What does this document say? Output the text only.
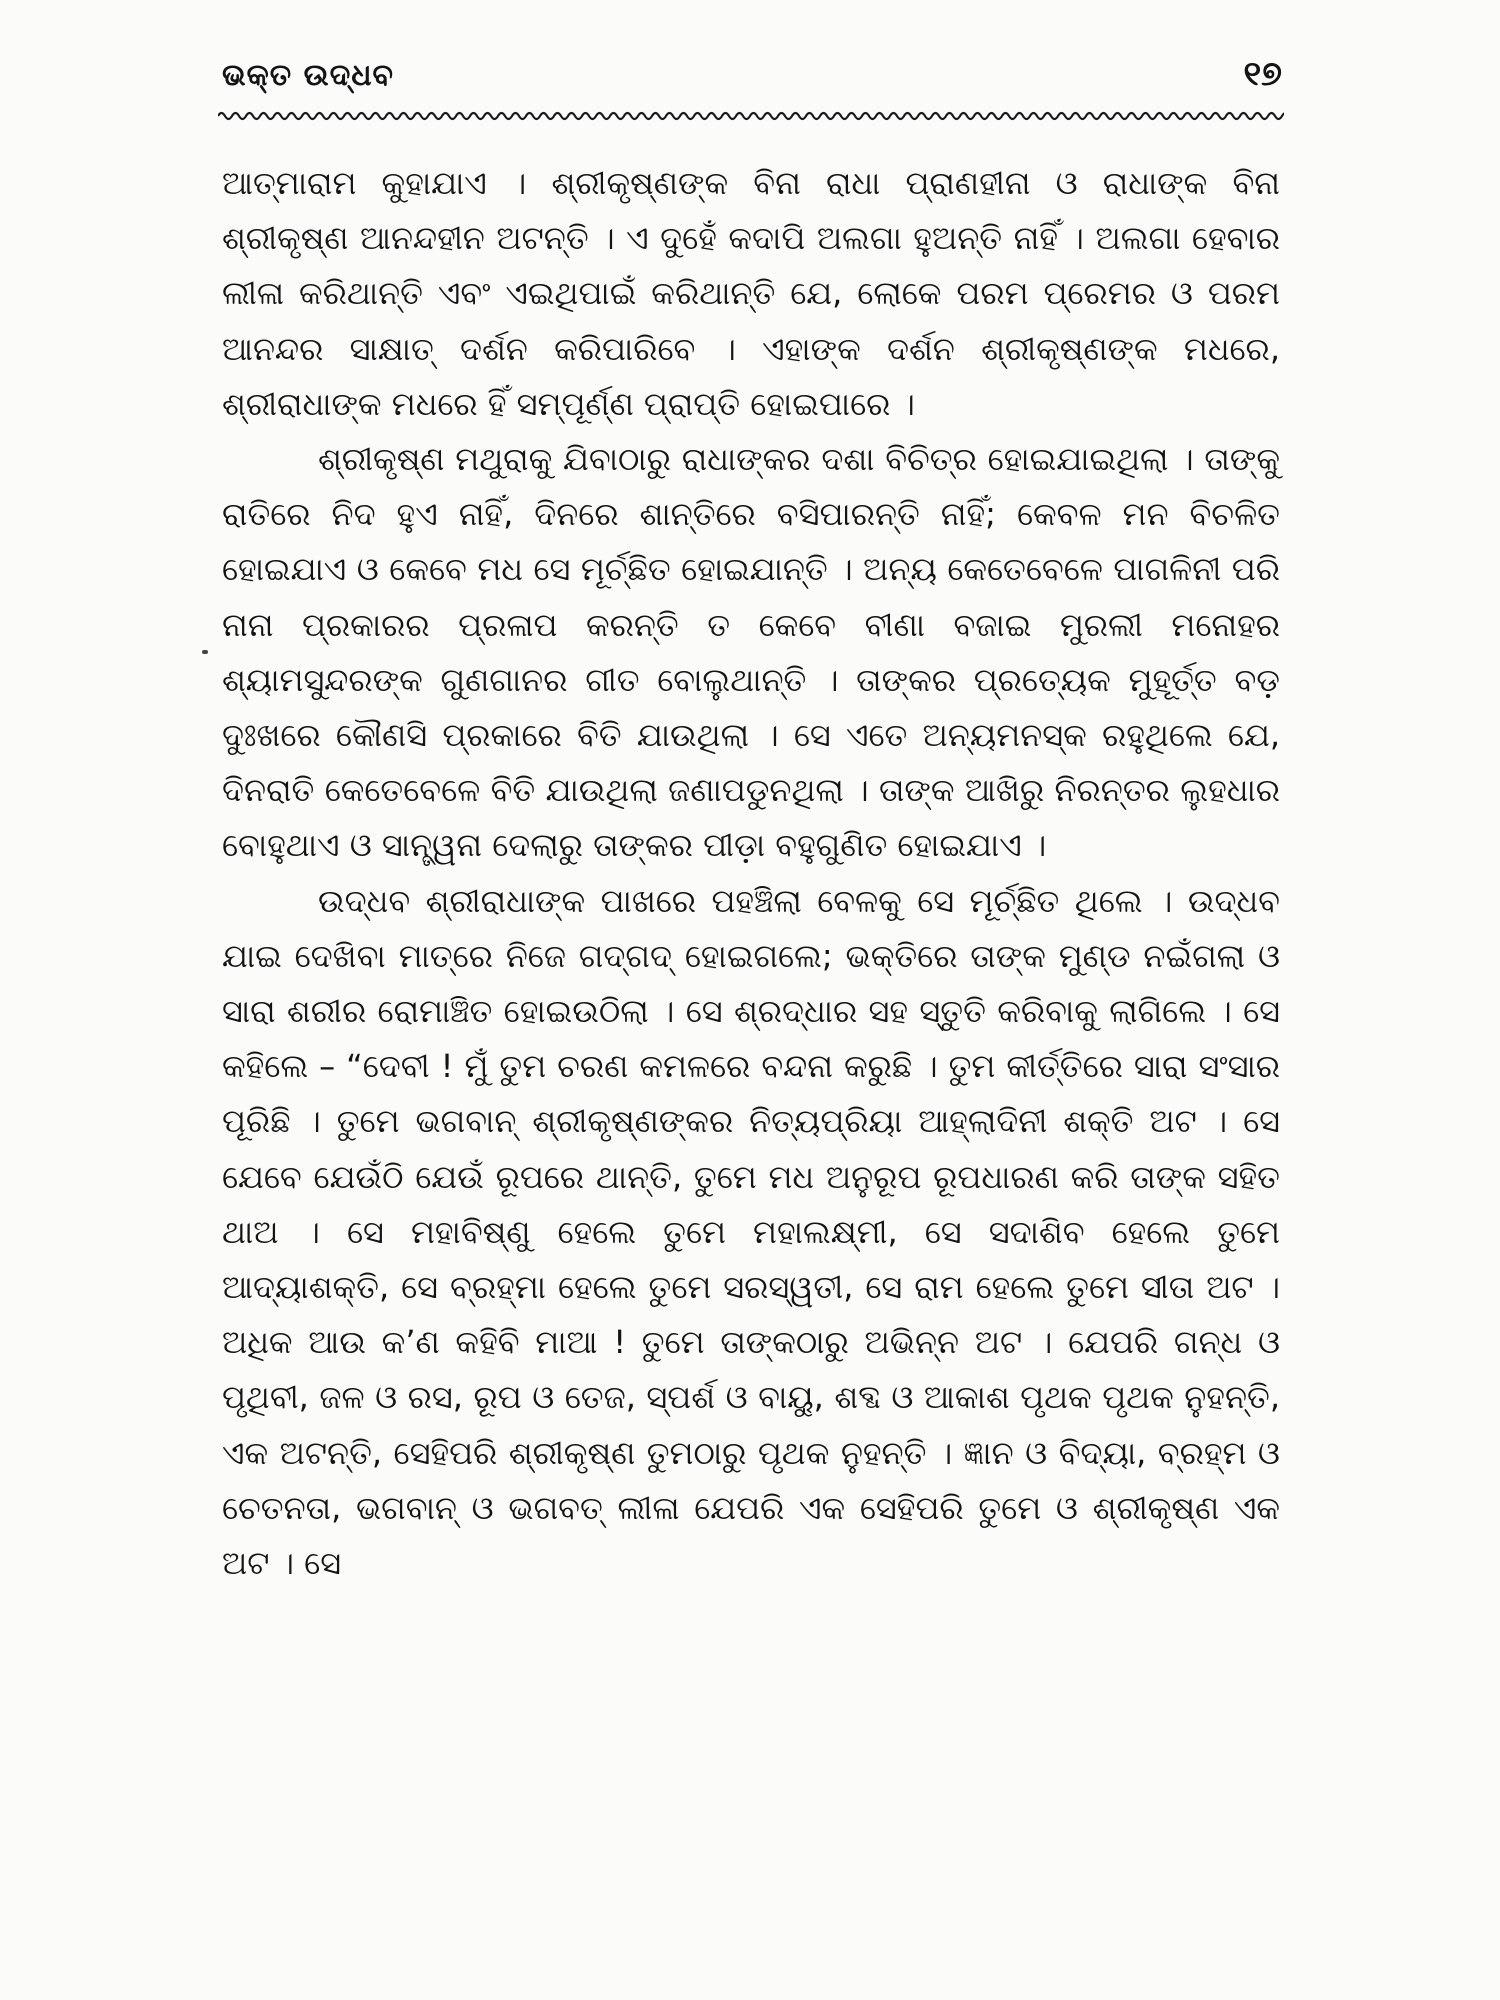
ଭକ୍ତ ଉଦ୍ଧବ	୧୭

ଆତ୍ମାରାମ କୁହାଯାଏ । ଶ୍ରୀକୃଷ୍ଣଙ୍କ ବିନା ରାଧା ପ୍ରାଣହୀନା ଓ ରାଧାଙ୍କ ବିନା ଶ୍ରୀକୃଷ୍ଣ ଆନନ୍ଦହୀନ ଅଟନ୍ତି । ଏ ଦୁହେଁ କଦାପି ଅଲଗା ହୁଅନ୍ତି ନାହିଁ । ଅଲଗା ହେବାର ଲୀଳା କରିଥାନ୍ତି ଏବଂ ଏଇଥିପାଇଁ କରିଥାନ୍ତି ଯେ, ଲୋକେ ପରମ ପ୍ରେମର ଓ ପରମ ଆନନ୍ଦର ସାକ୍ଷାତ୍ ଦର୍ଶନ କରିପାରିବେ । ଏହାଙ୍କ ଦର୍ଶନ ଶ୍ରୀକୃଷ୍ଣଙ୍କ ମଧରେ, ଶ୍ରୀରାଧାଙ୍କ ମଧରେ ହିଁ ସମ୍ପୂର୍ଣ୍ଣ ପ୍ରାପ୍ତି ହୋଇପାରେ ।

ଶ୍ରୀକୃଷ୍ଣ ମଥୁରାକୁ ଯିବାଠାରୁ ରାଧାଙ୍କର ଦଶା ବିଚିତ୍ର ହୋଇଯାଇଥିଲା । ତାଙ୍କୁ ରାତିରେ ନିଦ ହୁଏ ନାହିଁ, ଦିନରେ ଶାନ୍ତିରେ ବସିପାରନ୍ତି ନାହିଁ; କେବଳ ମନ ବିଚଳିତ ହୋଇଯାଏ ଓ କେବେ ମଧ ସେ ମୂର୍ଚ୍ଛିତ ହୋଇଯାନ୍ତି । ଅନ୍ୟ କେତେବେଳେ ପାଗଳିନୀ ପରି ନାନା ପ୍ରକାରର ପ୍ରଳାପ କରନ୍ତି ତ କେବେ ବୀଣା ବଜାଇ ମୁରଲୀ ମନୋହର ଶ୍ୟାମସୁନ୍ଦରଙ୍କ ଗୁଣଗାନର ଗୀତ ବୋଲୁଥାନ୍ତି । ତାଙ୍କର ପ୍ରତ୍ୟେକ ମୁହୂର୍ତ୍ତ ବଡ଼ ଦୁଃଖରେ କୌଣସି ପ୍ରକାରେ ବିତି ଯାଉଥିଲା । ସେ ଏତେ ଅନ୍ୟମନସ୍କ ରହୁଥିଲେ ଯେ, ଦିନରାତି କେତେବେଳେ ବିତି ଯାଉଥିଲା ଜଣାପଡୁନଥିଲା । ତାଙ୍କ ଆଖିରୁ ନିରନ୍ତର ଲୁହଧାର ବୋହୁଥାଏ ଓ ସାନ୍ତ୍ୱନା ଦେଲାରୁ ତାଙ୍କର ପୀଡ଼ା ବହୁଗୁଣିତ ହୋଇଯାଏ ।

ଉଦ୍ଧବ ଶ୍ରୀରାଧାଙ୍କ ପାଖରେ ପହଞ୍ଚିଲା ବେଳକୁ ସେ ମୂର୍ଚ୍ଛିତ ଥିଲେ । ଉଦ୍ଧବ ଯାଇ ଦେଖିବା ମାତ୍ରେ ନିଜେ ଗଦ୍‌ଗଦ୍ ହୋଇଗଲେ; ଭକ୍ତିରେ ତାଙ୍କ ମୁଣ୍ଡ ନଇଁଗଲା ଓ ସାରା ଶରୀର ରୋମାଞ୍ଚିତ ହୋଇଉଠିଲା । ସେ ଶ୍ରଦ୍ଧାର ସହ ସ୍ତୁତି କରିବାକୁ ଲାଗିଲେ । ସେ କହିଲେ – “ଦେବୀ ! ମୁଁ ତୁମ ଚରଣ କମଳରେ ବନ୍ଦନା କରୁଛି । ତୁମ କୀର୍ତ୍ତିରେ ସାରା ସଂସାର ପୂରିଛି । ତୁମେ ଭଗବାନ୍ ଶ୍ରୀକୃଷ୍ଣଙ୍କର ନିତ୍ୟପ୍ରିୟା ଆହ୍ଲାଦିନୀ ଶକ୍ତି ଅଟ । ସେ ଯେବେ ଯେଉଁଠି ଯେଉଁ ରୂପରେ ଥାନ୍ତି, ତୁମେ ମଧ ଅନୁରୂପ ରୂପଧାରଣ କରି ତାଙ୍କ ସହିତ ଥାଅ । ସେ ମହାବିଷ୍ଣୁ ହେଲେ ତୁମେ ମହାଲକ୍ଷ୍ମୀ, ସେ ସଦାଶିବ ହେଲେ ତୁମେ ଆଦ୍ୟାଶକ୍ତି, ସେ ବ୍ରହ୍ମା ହେଲେ ତୁମେ ସରସ୍ୱତୀ, ସେ ରାମ ହେଲେ ତୁମେ ସୀତା ଅଟ । ଅଧିକ ଆଉ କ’ଣ କହିବି ମାଆ ! ତୁମେ ତାଙ୍କଠାରୁ ଅଭିନ୍ନ ଅଟ । ଯେପରି ଗନ୍ଧ ଓ ପୃଥିବୀ, ଜଳ ଓ ରସ, ରୂପ ଓ ତେଜ, ସ୍ପର୍ଶ ଓ ବାୟୁ, ଶବ୍ଦ ଓ ଆକାଶ ପୃଥକ ପୃଥକ ନୁହନ୍ତି, ଏକ ଅଟନ୍ତି, ସେହିପରି ଶ୍ରୀକୃଷ୍ଣ ତୁମଠାରୁ ପୃଥକ ନୁହନ୍ତି । ଜ୍ଞାନ ଓ ବିଦ୍ୟା, ବ୍ରହ୍ମ ଓ ଚେତନତା, ଭଗବାନ୍ ଓ ଭଗବତ୍ ଲୀଳା ଯେପରି ଏକ ସେହିପରି ତୁମେ ଓ ଶ୍ରୀକୃଷ୍ଣ ଏକ ଅଟ । ସେ
